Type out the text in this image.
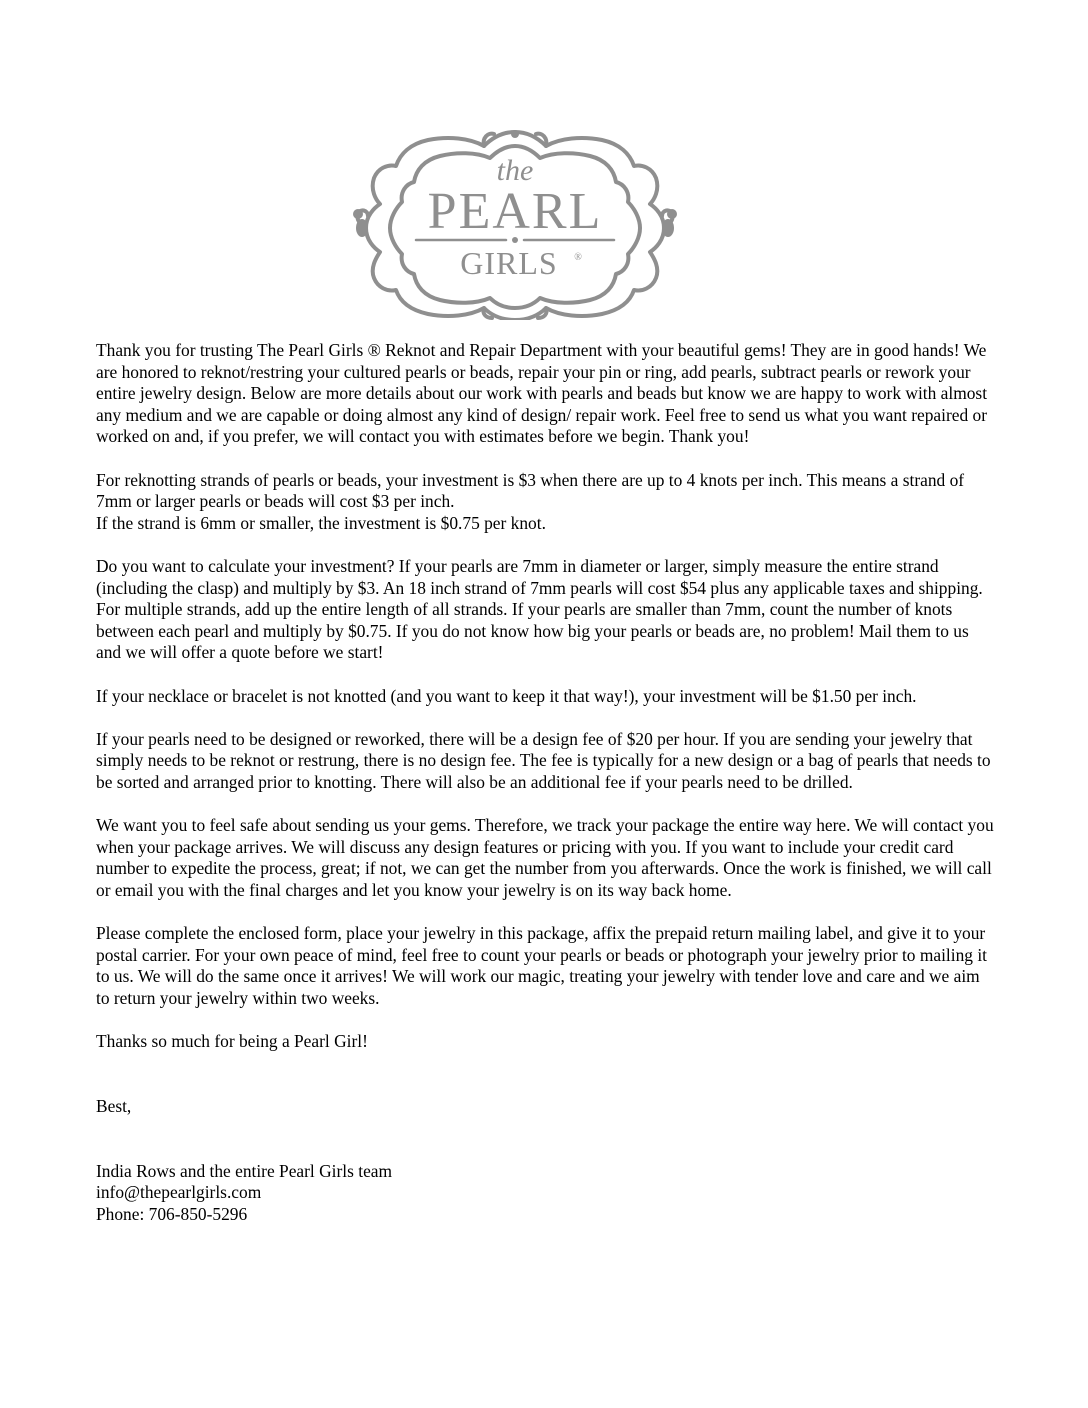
the
PEARL
GIRLS ®

Thank you for trusting The Pearl Girls ® Reknot and Repair Department with your beautiful gems! They are in good hands! We are honored to reknot/restring your cultured pearls or beads, repair your pin or ring, add pearls, subtract pearls or rework your entire jewelry design. Below are more details about our work with pearls and beads but know we are happy to work with almost any medium and we are capable or doing almost any kind of design/ repair work. Feel free to send us what you want repaired or worked on and, if you prefer, we will contact you with estimates before we begin. Thank you!

For reknotting strands of pearls or beads, your investment is $3 when there are up to 4 knots per inch. This means a strand of 7mm or larger pearls or beads will cost $3 per inch.

If the strand is 6mm or smaller, the investment is $0.75 per knot.

Do you want to calculate your investment? If your pearls are 7mm in diameter or larger, simply measure the entire strand (including the clasp) and multiply by $3. An 18 inch strand of 7mm pearls will cost $54 plus any applicable taxes and shipping. For multiple strands, add up the entire length of all strands. If your pearls are smaller than 7mm, count the number of knots between each pearl and multiply by $0.75. If you do not know how big your pearls or beads are, no problem! Mail them to us and we will offer a quote before we start!

If your necklace or bracelet is not knotted (and you want to keep it that way!), your investment will be $1.50 per inch.

If your pearls need to be designed or reworked, there will be a design fee of $20 per hour. If you are sending your jewelry that simply needs to be reknot or restrung, there is no design fee. The fee is typically for a new design or a bag of pearls that needs to be sorted and arranged prior to knotting. There will also be an additional fee if your pearls need to be drilled.

We want you to feel safe about sending us your gems. Therefore, we track your package the entire way here. We will contact you when your package arrives. We will discuss any design features or pricing with you. If you want to include your credit card number to expedite the process, great; if not, we can get the number from you afterwards. Once the work is finished, we will call or email you with the final charges and let you know your jewelry is on its way back home.

Please complete the enclosed form, place your jewelry in this package, affix the prepaid return mailing label, and give it to your postal carrier. For your own peace of mind, feel free to count your pearls or beads or photograph your jewelry prior to mailing it to us. We will do the same once it arrives! We will work our magic, treating your jewelry with tender love and care and we aim to return your jewelry within two weeks.

Thanks so much for being a Pearl Girl!

Best,

India Rows and the entire Pearl Girls team
info@thepearlgirls.com
Phone: 706-850-5296
